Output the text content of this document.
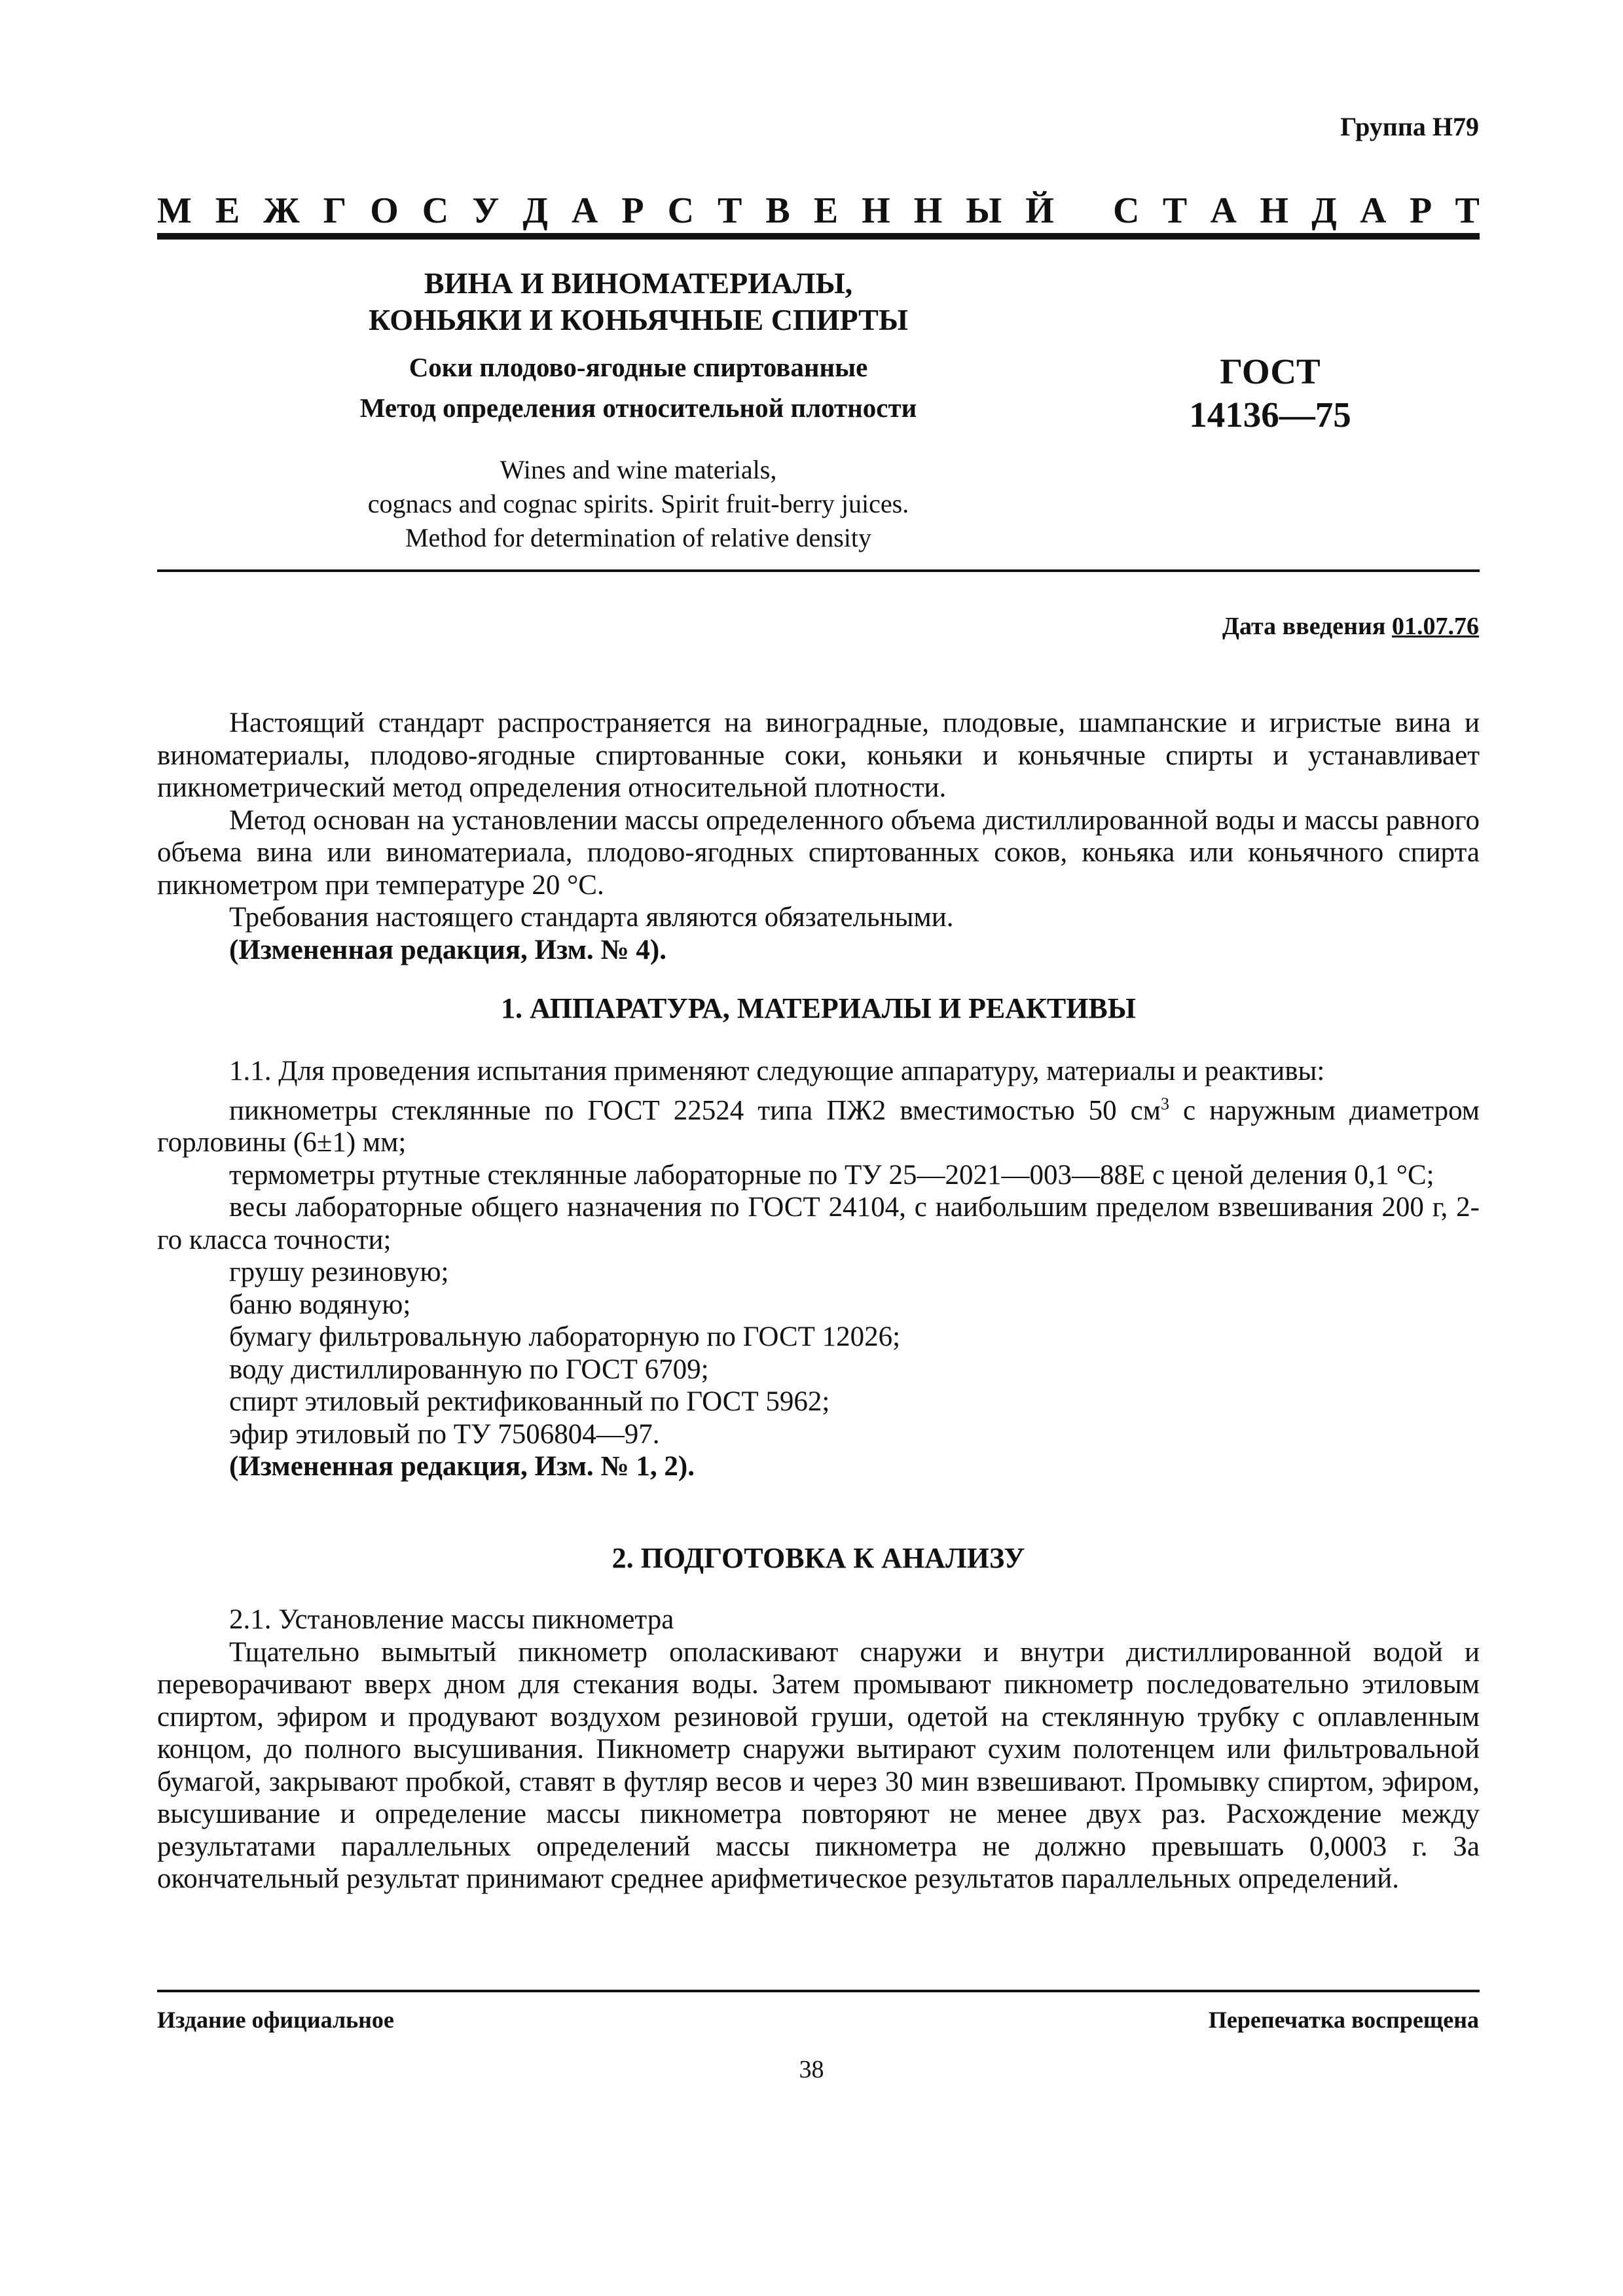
Группа Н79
М Е Ж Г О С У Д А Р С Т В Е Н Н Ы Й С Т А Н Д А Р Т
ВИНА И ВИНОМАТЕРИАЛЫ,
КОНЬЯКИ И КОНЬЯЧНЫЕ СПИРТЫ
Соки плодово-ягодные спиртованные
Метод определения относительной плотности
ГОСТ
14136—75
Wines and wine materials,
cognacs and cognac spirits. Spirit fruit-berry juices.
Method for determination of relative density
Дата введения 01.07.76

Настоящий стандарт распространяется на виноградные, плодовые, шампанские и игристые вина и виноматериалы, плодово-ягодные спиртованные соки, коньяки и коньячные спирты и устанавливает пикнометрический метод определения относительной плотности.

Метод основан на установлении массы определенного объема дистиллированной воды и массы равного объема вина или виноматериала, плодово-ягодных спиртованных соков, коньяка или коньячного спирта пикнометром при температуре 20 °С.

Требования настоящего стандарта являются обязательными.

(Измененная редакция, Изм. № 4).

1. АППАРАТУРА, МАТЕРИАЛЫ И РЕАКТИВЫ

1.1. Для проведения испытания применяют следующие аппаратуру, материалы и реактивы:

пикнометры стеклянные по ГОСТ 22524 типа ПЖ2 вместимостью 50 $см^3$ с наружным диаметром горловины (6±1) мм;

термометры ртутные стеклянные лабораторные по ТУ 25—2021—003—88Е с ценой деления 0,1 °С;

весы лабораторные общего назначения по ГОСТ 24104, с наибольшим пределом взвешивания 200 г, 2-го класса точности;

грушу резиновую;

баню водяную;

бумагу фильтровальную лабораторную по ГОСТ 12026;

воду дистиллированную по ГОСТ 6709;

спирт этиловый ректификованный по ГОСТ 5962;

эфир этиловый по ТУ 7506804—97.

(Измененная редакция, Изм. № 1, 2).

2. ПОДГОТОВКА К АНАЛИЗУ

2.1. Установление массы пикнометра

Тщательно вымытый пикнометр ополаскивают снаружи и внутри дистиллированной водой и переворачивают вверх дном для стекания воды. Затем промывают пикнометр последовательно этиловым спиртом, эфиром и продувают воздухом резиновой груши, одетой на стеклянную трубку с оплавленным концом, до полного высушивания. Пикнометр снаружи вытирают сухим полотенцем или фильтровальной бумагой, закрывают пробкой, ставят в футляр весов и через 30 мин взвешивают. Промывку спиртом, эфиром, высушивание и определение массы пикнометра повторяют не менее двух раз. Расхождение между результатами параллельных определений массы пикнометра не должно превышать 0,0003 г. За окончательный результат принимают среднее арифметическое результатов параллельных определений.

Издание официальное	Перепечатка воспрещена
38
